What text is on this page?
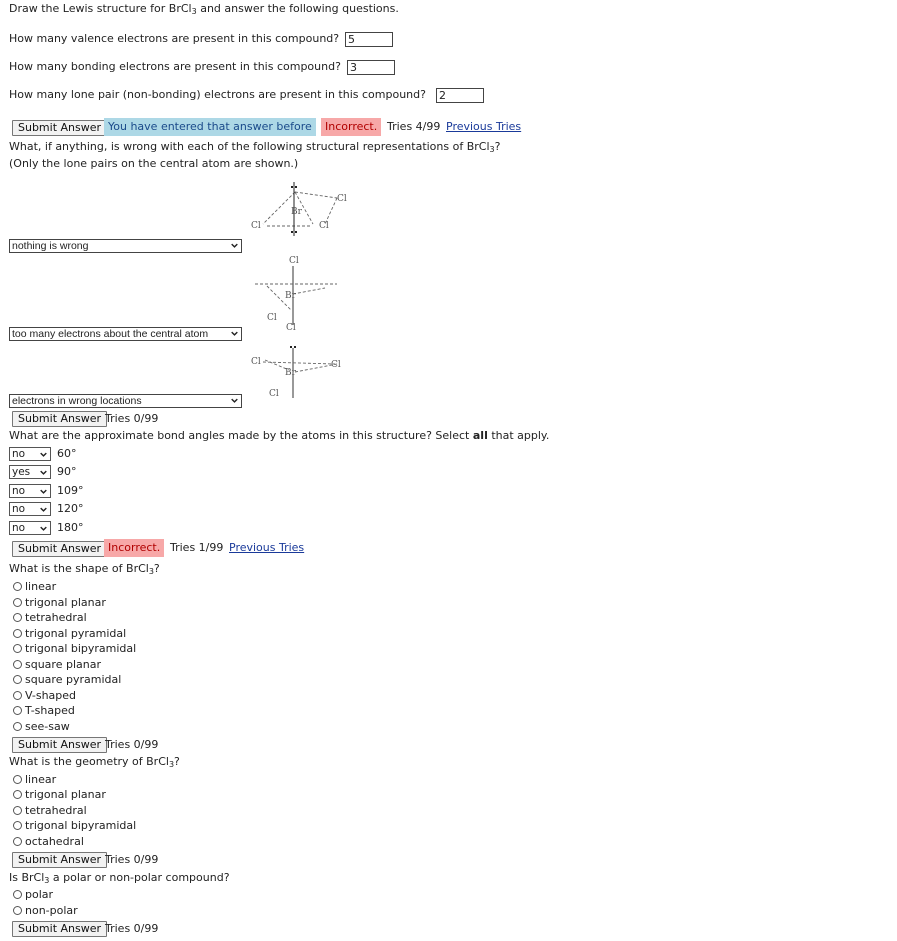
Draw the Lewis structure for BrCl$_3$ and answer the following questions.
How many valence electrons are present in this compound? 5
How many bonding electrons are present in this compound? 3
How many lone pair (non-bonding) electrons are present in this compound? 2
Submit Answer You have entered that answer before	Incorrect. Tries 4/99 Previous Tries
What, if anything, is wrong with each of the following structural representations of BrCl$_3$?
(Only the lone pairs on the central atom are shown.)
Br
Cl
Cl	Cl
Cl
Br
Cl
Cl
Cl
Br
Cl
Cl
nothing is wrong
too many electrons about the central atom
electrons in wrong locations
Submit Answer Tries 0/99
What are the approximate bond angles made by the atoms in this structure? Select all that apply.
no	60°
yes	90°
no	109°
no	120°
no	180°
Submit Answer Incorrect. Tries 1/99 Previous Tries
What is the shape of BrCl$_3$?
linear
trigonal planar
tetrahedral
trigonal pyramidal
trigonal bipyramidal
square planar
square pyramidal
V-shaped
T-shaped
see-saw
Submit Answer Tries 0/99
What is the geometry of BrCl$_3$?
linear
trigonal planar
tetrahedral
trigonal bipyramidal
octahedral
Submit Answer Tries 0/99
Is BrCl$_3$ a polar or non-polar compound?
polar
non-polar
Submit Answer Tries 0/99
